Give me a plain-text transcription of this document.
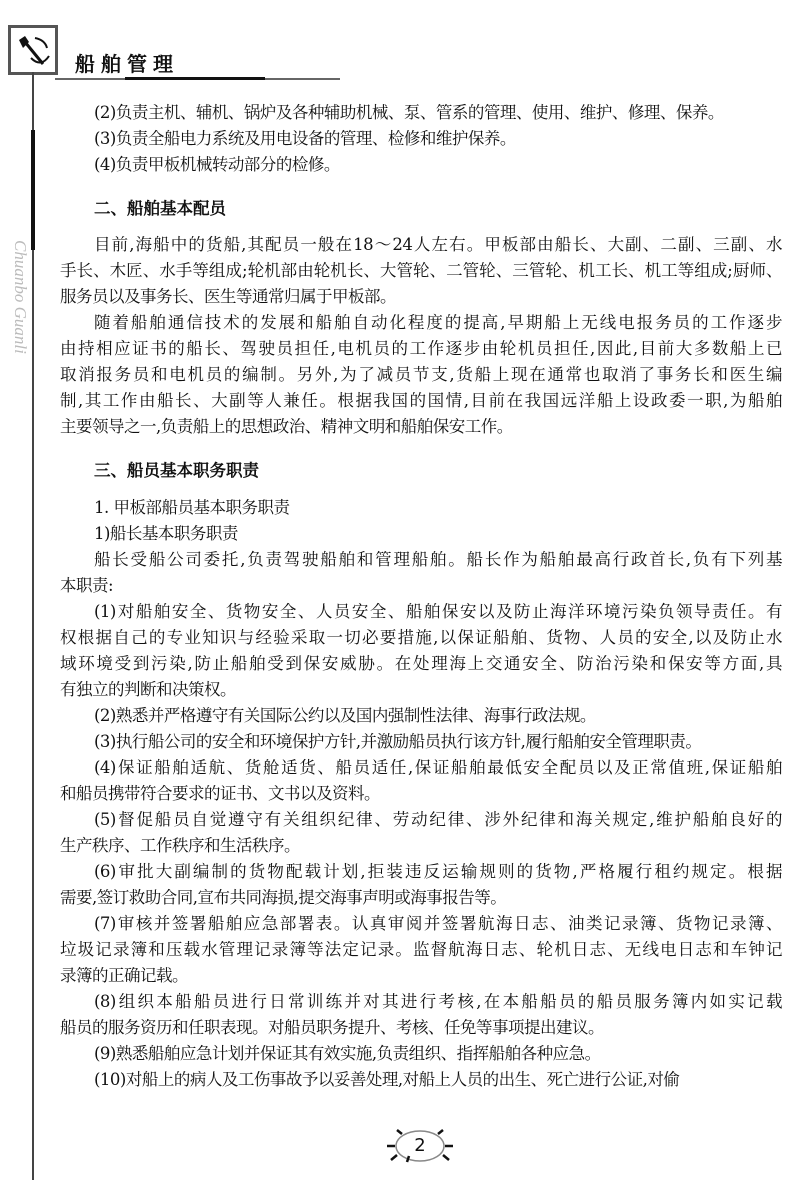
Chuanbo Guanli
船舶管理
(2)负责主机、辅机、锅炉及各种辅助机械、泵、管系的管理、使用、维护、修理、保养。
(3)负责全船电力系统及用电设备的管理、检修和维护保养。
(4)负责甲板机械转动部分的检修。
二、船舶基本配员
目前,海船中的货船,其配员一般在18～24人左右。甲板部由船长、大副、二副、三副、水
手长、木匠、水手等组成;轮机部由轮机长、大管轮、二管轮、三管轮、机工长、机工等组成;厨师、
服务员以及事务长、医生等通常归属于甲板部。
随着船舶通信技术的发展和船舶自动化程度的提高,早期船上无线电报务员的工作逐步
由持相应证书的船长、驾驶员担任,电机员的工作逐步由轮机员担任,因此,目前大多数船上已
取消报务员和电机员的编制。另外,为了减员节支,货船上现在通常也取消了事务长和医生编
制,其工作由船长、大副等人兼任。根据我国的国情,目前在我国远洋船上设政委一职,为船舶
主要领导之一,负责船上的思想政治、精神文明和船舶保安工作。
三、船员基本职务职责
1. 甲板部船员基本职务职责
1)船长基本职务职责
船长受船公司委托,负责驾驶船舶和管理船舶。船长作为船舶最高行政首长,负有下列基
本职责:
(1)对船舶安全、货物安全、人员安全、船舶保安以及防止海洋环境污染负领导责任。有
权根据自己的专业知识与经验采取一切必要措施,以保证船舶、货物、人员的安全,以及防止水
域环境受到污染,防止船舶受到保安威胁。在处理海上交通安全、防治污染和保安等方面,具
有独立的判断和决策权。
(2)熟悉并严格遵守有关国际公约以及国内强制性法律、海事行政法规。
(3)执行船公司的安全和环境保护方针,并激励船员执行该方针,履行船舶安全管理职责。
(4)保证船舶适航、货舱适货、船员适任,保证船舶最低安全配员以及正常值班,保证船舶
和船员携带符合要求的证书、文书以及资料。
(5)督促船员自觉遵守有关组织纪律、劳动纪律、涉外纪律和海关规定,维护船舶良好的
生产秩序、工作秩序和生活秩序。
(6)审批大副编制的货物配载计划,拒装违反运输规则的货物,严格履行租约规定。根据
需要,签订救助合同,宣布共同海损,提交海事声明或海事报告等。
(7)审核并签署船舶应急部署表。认真审阅并签署航海日志、油类记录簿、货物记录簿、
垃圾记录簿和压载水管理记录簿等法定记录。监督航海日志、轮机日志、无线电日志和车钟记
录簿的正确记载。
(8)组织本船船员进行日常训练并对其进行考核,在本船船员的船员服务簿内如实记载
船员的服务资历和任职表现。对船员职务提升、考核、任免等事项提出建议。
(9)熟悉船舶应急计划并保证其有效实施,负责组织、指挥船舶各种应急。
(10)对船上的病人及工伤事故予以妥善处理,对船上人员的出生、死亡进行公证,对偷
2
